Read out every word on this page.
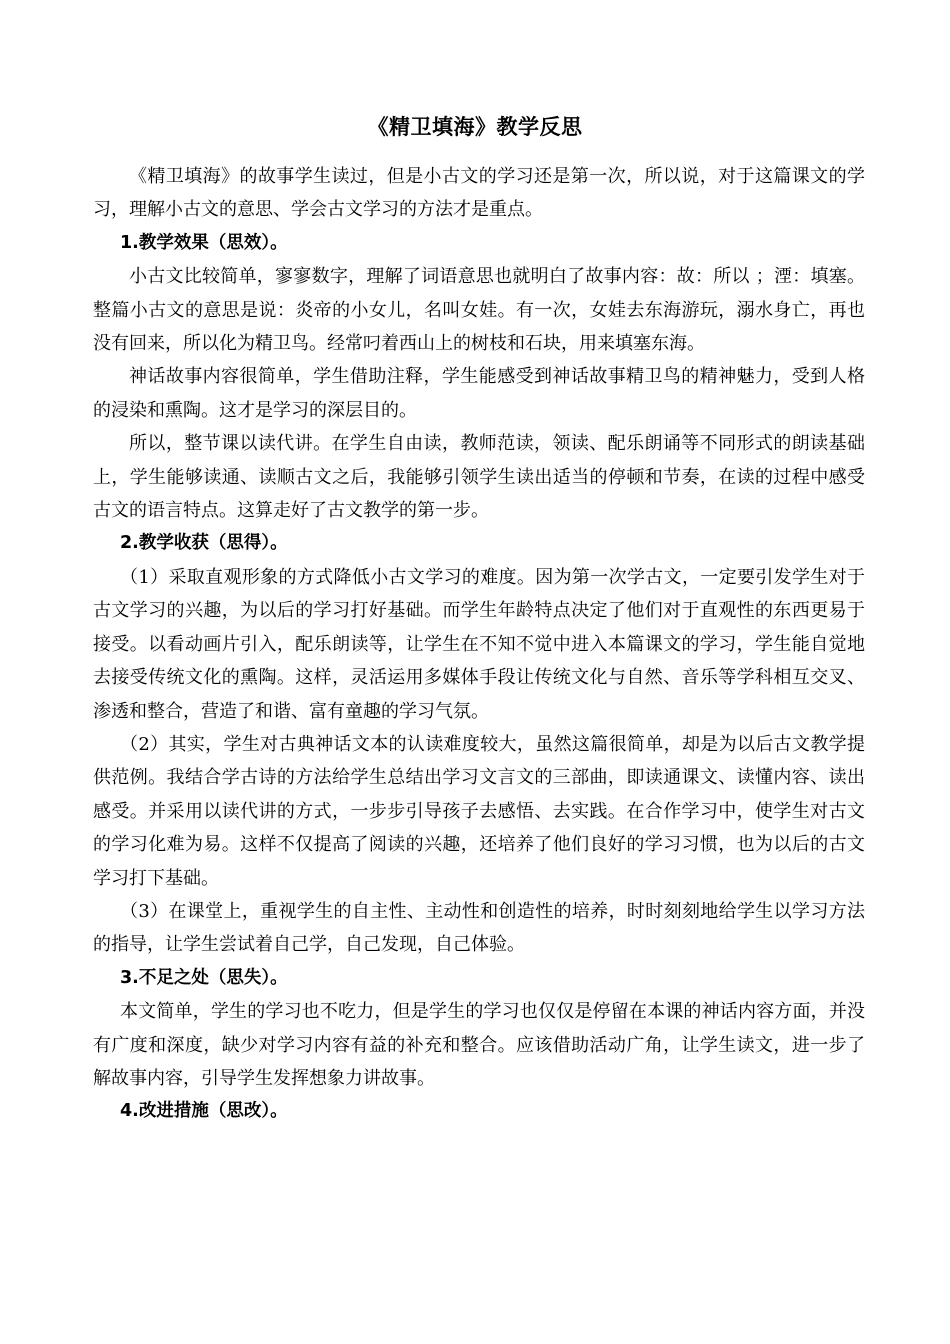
《精卫填海》教学反思

《精卫填海》的故事学生读过，但是小古文的学习还是第一次，所以说，对于这篇课文的学习，理解小古文的意思、学会古文学习的方法才是重点。

1.教学效果（思效）。

小古文比较简单，寥寥数字，理解了词语意思也就明白了故事内容：故：所以 ；湮：填塞。整篇小古文的意思是说：炎帝的小女儿，名叫女娃。有一次，女娃去东海游玩，溺水身亡，再也没有回来，所以化为精卫鸟。经常叼着西山上的树枝和石块，用来填塞东海。

神话故事内容很简单，学生借助注释，学生能感受到神话故事精卫鸟的精神魅力，受到人格的浸染和熏陶。这才是学习的深层目的。

所以，整节课以读代讲。在学生自由读，教师范读，领读、配乐朗诵等不同形式的朗读基础上，学生能够读通、读顺古文之后，我能够引领学生读出适当的停顿和节奏，在读的过程中感受古文的语言特点。这算走好了古文教学的第一步。

2.教学收获（思得）。

（1）采取直观形象的方式降低小古文学习的难度。因为第一次学古文，一定要引发学生对于古文学习的兴趣，为以后的学习打好基础。而学生年龄特点决定了他们对于直观性的东西更易于接受。以看动画片引入，配乐朗读等，让学生在不知不觉中进入本篇课文的学习，学生能自觉地去接受传统文化的熏陶。这样，灵活运用多媒体手段让传统文化与自然、音乐等学科相互交叉、渗透和整合，营造了和谐、富有童趣的学习气氛。

（2）其实，学生对古典神话文本的认读难度较大，虽然这篇很简单，却是为以后古文教学提供范例。我结合学古诗的方法给学生总结出学习文言文的三部曲，即读通课文、读懂内容、读出感受。并采用以读代讲的方式，一步步引导孩子去感悟、去实践。在合作学习中，使学生对古文的学习化难为易。这样不仅提高了阅读的兴趣，还培养了他们良好的学习习惯，也为以后的古文学习打下基础。

（3）在课堂上，重视学生的自主性、主动性和创造性的培养，时时刻刻地给学生以学习方法的指导，让学生尝试着自己学，自己发现，自己体验。

3.不足之处（思失）。

本文简单，学生的学习也不吃力，但是学生的学习也仅仅是停留在本课的神话内容方面，并没有广度和深度，缺少对学习内容有益的补充和整合。应该借助活动广角，让学生读文，进一步了解故事内容，引导学生发挥想象力讲故事。

4.改进措施（思改）。
